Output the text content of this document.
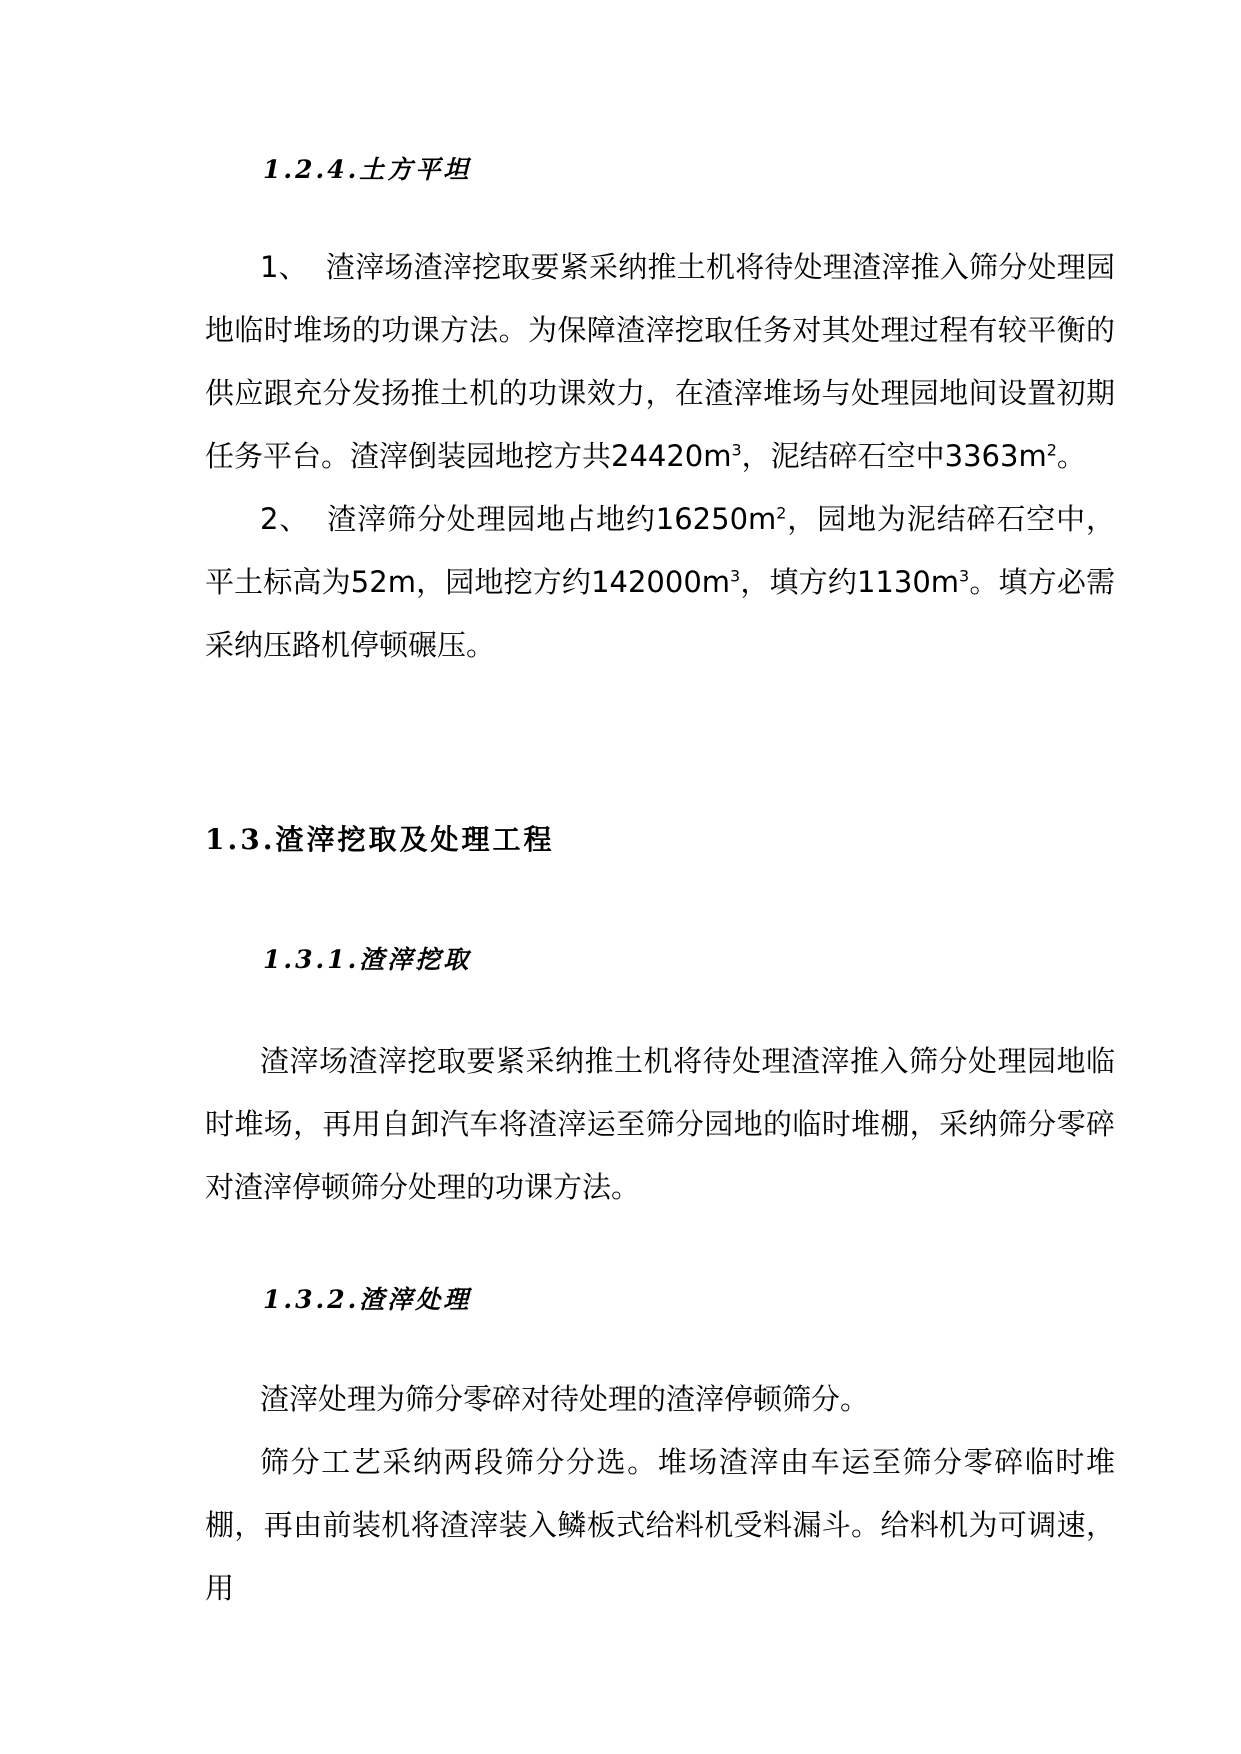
1.2.4.土方平坦

1、 渣滓场渣滓挖取要紧采纳推土机将待处理渣滓推入筛分处理园地临时堆场的功课方法。为保障渣滓挖取任务对其处理过程有较平衡的供应跟充分发扬推土机的功课效力，在渣滓堆场与处理园地间设置初期任务平台。渣滓倒装园地挖方共$24420m^3$，泥结碎石空中$3363m^2$。

2、 渣滓筛分处理园地占地约$16250m^2$，园地为泥结碎石空中，平土标高为52m，园地挖方约$142000m^3$，填方约$1130m^3$。填方必需采纳压路机停顿碾压。

1.3.渣滓挖取及处理工程
1.3.1.渣滓挖取

渣滓场渣滓挖取要紧采纳推土机将待处理渣滓推入筛分处理园地临时堆场，再用自卸汽车将渣滓运至筛分园地的临时堆棚，采纳筛分零碎对渣滓停顿筛分处理的功课方法。

1.3.2.渣滓处理

渣滓处理为筛分零碎对待处理的渣滓停顿筛分。

筛分工艺采纳两段筛分分选。堆场渣滓由车运至筛分零碎临时堆棚，再由前装机将渣滓装入鳞板式给料机受料漏斗。给料机为可调速，用
